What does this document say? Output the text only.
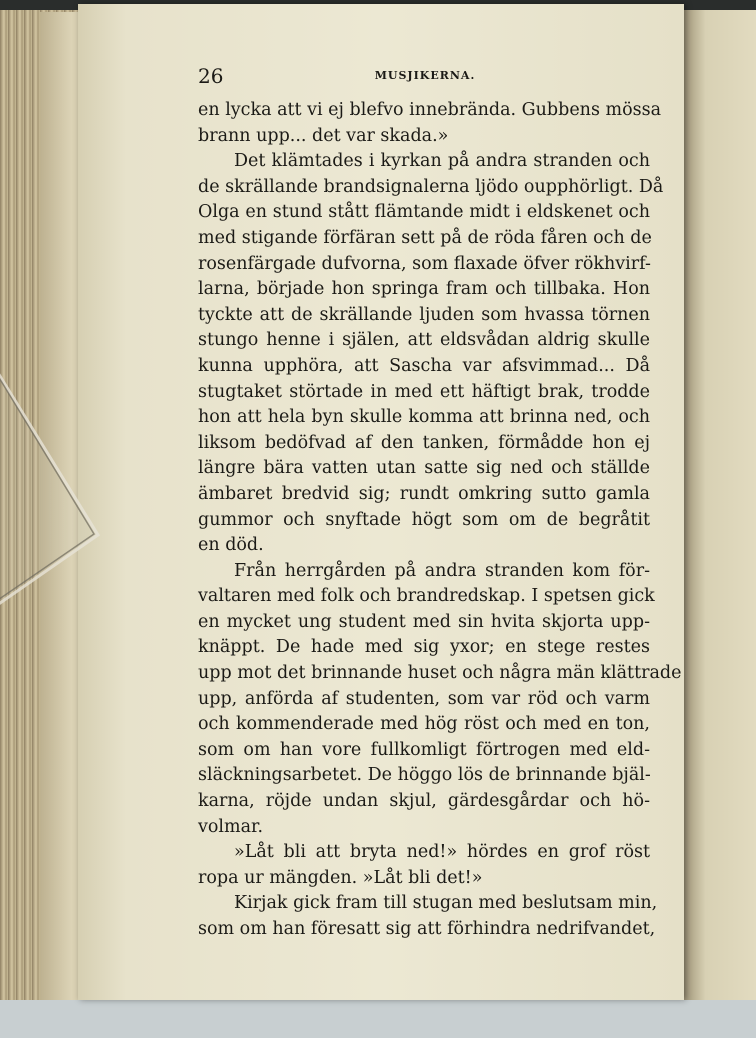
26	MUSJIKERNA.
en lycka att vi ej blefvo innebrända. Gubbens mössa
brann upp... det var skada.»
Det klämtades i kyrkan på andra stranden och
de skrällande brandsignalerna ljödo oupphörligt. Då
Olga en stund stått flämtande midt i eldskenet och
med stigande förfäran sett på de röda fåren och de
rosenfärgade dufvorna, som flaxade öfver rökhvirf-
larna, började hon springa fram och tillbaka. Hon
tyckte att de skrällande ljuden som hvassa törnen
stungo henne i själen, att eldsvådan aldrig skulle
kunna upphöra, att Sascha var afsvimmad... Då
stugtaket störtade in med ett häftigt brak, trodde
hon att hela byn skulle komma att brinna ned, och
liksom bedöfvad af den tanken, förmådde hon ej
längre bära vatten utan satte sig ned och ställde
ämbaret bredvid sig; rundt omkring sutto gamla
gummor och snyftade högt som om de begråtit
en död.
Från herrgården på andra stranden kom för-
valtaren med folk och brandredskap. I spetsen gick
en mycket ung student med sin hvita skjorta upp-
knäppt. De hade med sig yxor; en stege restes
upp mot det brinnande huset och några män klättrade
upp, anförda af studenten, som var röd och varm
och kommenderade med hög röst och med en ton,
som om han vore fullkomligt förtrogen med eld-
släckningsarbetet. De höggo lös de brinnande bjäl-
karna, röjde undan skjul, gärdesgårdar och hö-
volmar.
»Låt bli att bryta ned!» hördes en grof röst
ropa ur mängden. »Låt bli det!»
Kirjak gick fram till stugan med beslutsam min,
som om han föresatt sig att förhindra nedrifvandet,
